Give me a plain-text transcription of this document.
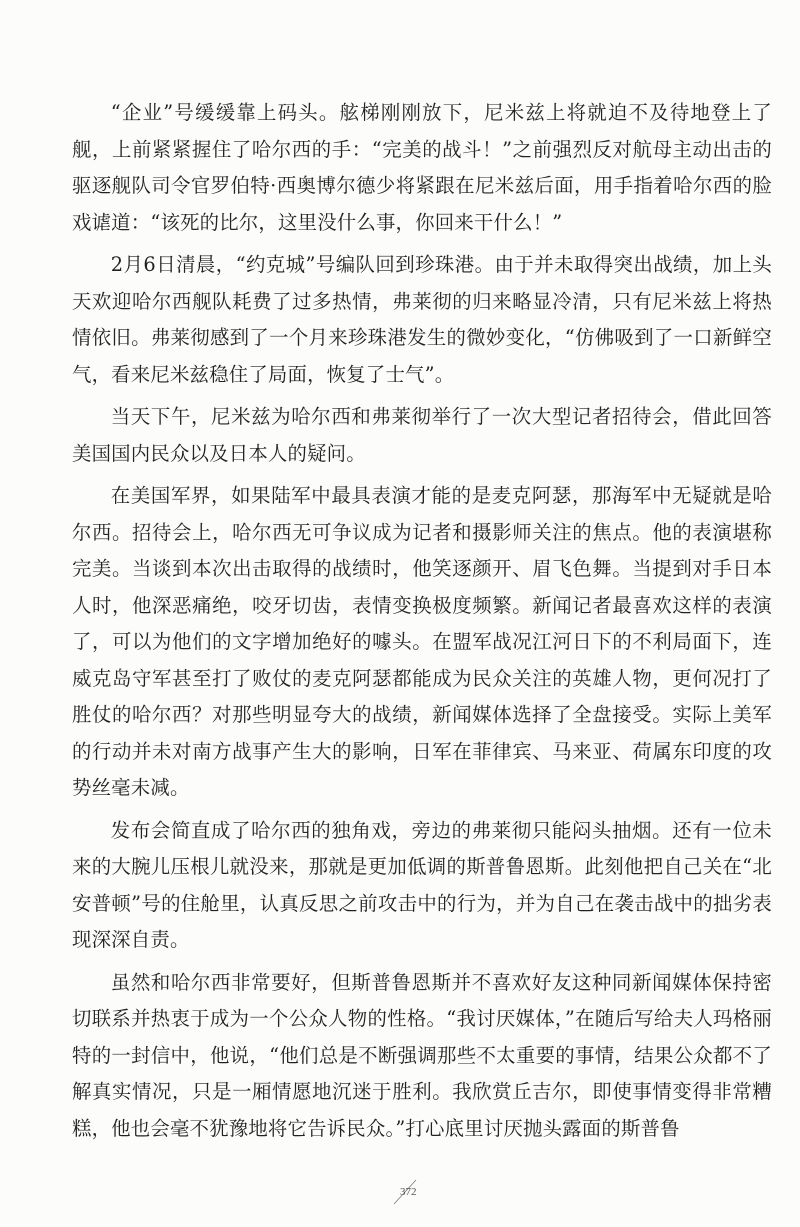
“企业”号缓缓靠上码头。舷梯刚刚放下，尼米兹上将就迫不及待地登上了舰，上前紧紧握住了哈尔西的手：“完美的战斗！”之前强烈反对航母主动出击的驱逐舰队司令官罗伯特·西奥博尔德少将紧跟在尼米兹后面，用手指着哈尔西的脸戏谑道：“该死的比尔，这里没什么事，你回来干什么！”

2月6日清晨，“约克城”号编队回到珍珠港。由于并未取得突出战绩，加上头天欢迎哈尔西舰队耗费了过多热情，弗莱彻的归来略显冷清，只有尼米兹上将热情依旧。弗莱彻感到了一个月来珍珠港发生的微妙变化，“仿佛吸到了一口新鲜空气，看来尼米兹稳住了局面，恢复了士气”。

当天下午，尼米兹为哈尔西和弗莱彻举行了一次大型记者招待会，借此回答美国国内民众以及日本人的疑问。

在美国军界，如果陆军中最具表演才能的是麦克阿瑟，那海军中无疑就是哈尔西。招待会上，哈尔西无可争议成为记者和摄影师关注的焦点。他的表演堪称完美。当谈到本次出击取得的战绩时，他笑逐颜开、眉飞色舞。当提到对手日本人时，他深恶痛绝，咬牙切齿，表情变换极度频繁。新闻记者最喜欢这样的表演了，可以为他们的文字增加绝好的噱头。在盟军战况江河日下的不利局面下，连威克岛守军甚至打了败仗的麦克阿瑟都能成为民众关注的英雄人物，更何况打了胜仗的哈尔西？对那些明显夸大的战绩，新闻媒体选择了全盘接受。实际上美军的行动并未对南方战事产生大的影响，日军在菲律宾、马来亚、荷属东印度的攻势丝毫未减。

发布会简直成了哈尔西的独角戏，旁边的弗莱彻只能闷头抽烟。还有一位未来的大腕儿压根儿就没来，那就是更加低调的斯普鲁恩斯。此刻他把自己关在“北安普顿”号的住舱里，认真反思之前攻击中的行为，并为自己在袭击战中的拙劣表现深深自责。

虽然和哈尔西非常要好，但斯普鲁恩斯并不喜欢好友这种同新闻媒体保持密切联系并热衷于成为一个公众人物的性格。“我讨厌媒体，”在随后写给夫人玛格丽特的一封信中，他说，“他们总是不断强调那些不太重要的事情，结果公众都不了解真实情况，只是一厢情愿地沉迷于胜利。我欣赏丘吉尔，即使事情变得非常糟糕，他也会毫不犹豫地将它告诉民众。”打心底里讨厌抛头露面的斯普鲁

372
